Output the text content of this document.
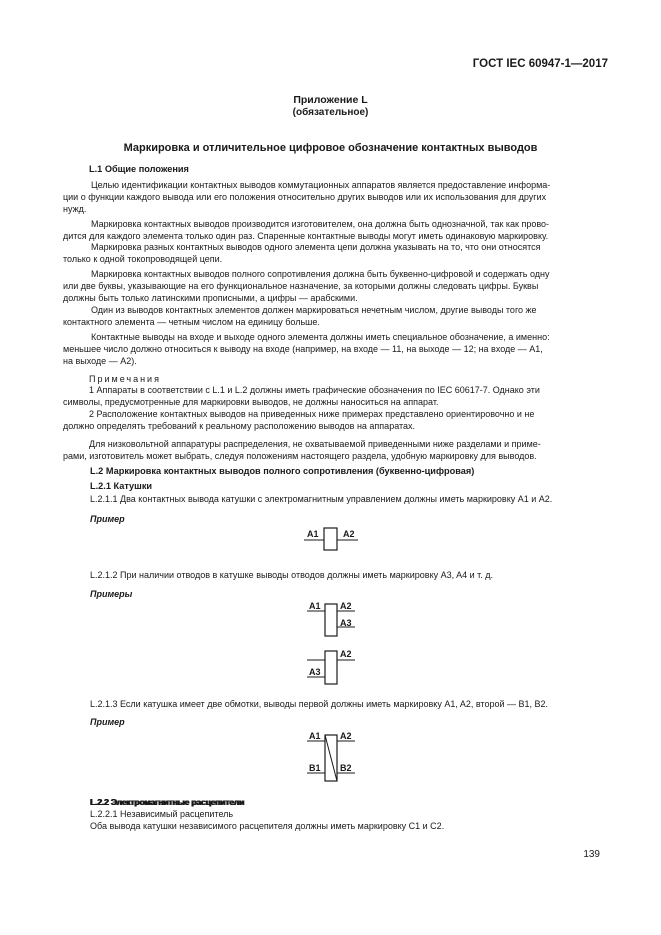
ГОСТ IEC 60947-1—2017
Приложение L
(обязательное)
Маркировка и отличительное цифровое обозначение контактных выводов
L.1 Общие положения
Целью идентификации контактных выводов коммутационных аппаратов является предоставление информа-
ции о функции каждого вывода или его положения относительно других выводов или их использования для других
нужд.
Маркировка контактных выводов производится изготовителем, она должна быть однозначной, так как прово-
дится для каждого элемента только один раз. Спаренные контактные выводы могут иметь одинаковую маркировку.
Маркировка разных контактных выводов одного элемента цепи должна указывать на то, что они относятся
только к одной токопроводящей цепи.
Маркировка контактных выводов полного сопротивления должна быть буквенно-цифровой и содержать одну
или две буквы, указывающие на его функциональное назначение, за которыми должны следовать цифры. Буквы
должны быть только латинскими прописными, а цифры — арабскими.
Один из выводов контактных элементов должен маркироваться нечетным числом, другие выводы того же
контактного элемента — четным числом на единицу больше.
Контактные выводы на входе и выходе одного элемента должны иметь специальное обозначение, а именно:
меньшее число должно относиться к выводу на входе (например, на входе — 11, на выходе — 12; на входе — A1,
на выходе — A2).
Примечания
1 Аппараты в соответствии с L.1 и L.2 должны иметь графические обозначения по IEC 60617-7. Однако эти
символы, предусмотренные для маркировки выводов, не должны наноситься на аппарат.
2 Расположение контактных выводов на приведенных ниже примерах представлено ориентировочно и не
должно определять требований к реальному расположению выводов на аппаратах.
Для низковольтной аппаратуры распределения, не охватываемой приведенными ниже разделами и приме-
рами, изготовитель может выбрать, следуя положениям настоящего раздела, удобную маркировку для выводов.
L.2 Маркировка контактных выводов полного сопротивления (буквенно-цифровая)
L.2.1 Катушки
L.2.1.1 Два контактных вывода катушки с электромагнитным управлением должны иметь маркировку A1 и A2.
Пример
A1	A2
L.2.1.2 При наличии отводов в катушке выводы отводов должны иметь маркировку A3, A4 и т. д.
Примеры
A1 A2
A3
A2
A3
L.2.1.3 Если катушка имеет две обмотки, выводы первой должны иметь маркировку A1, A2, второй — B1, B2.
Пример
A1 A2
B1 B2
L.2.2 Электромагнитные расцепители
L.2.2.1 Независимый расцепитель
Оба вывода катушки независимого расцепителя должны иметь маркировку C1 и C2.
139
